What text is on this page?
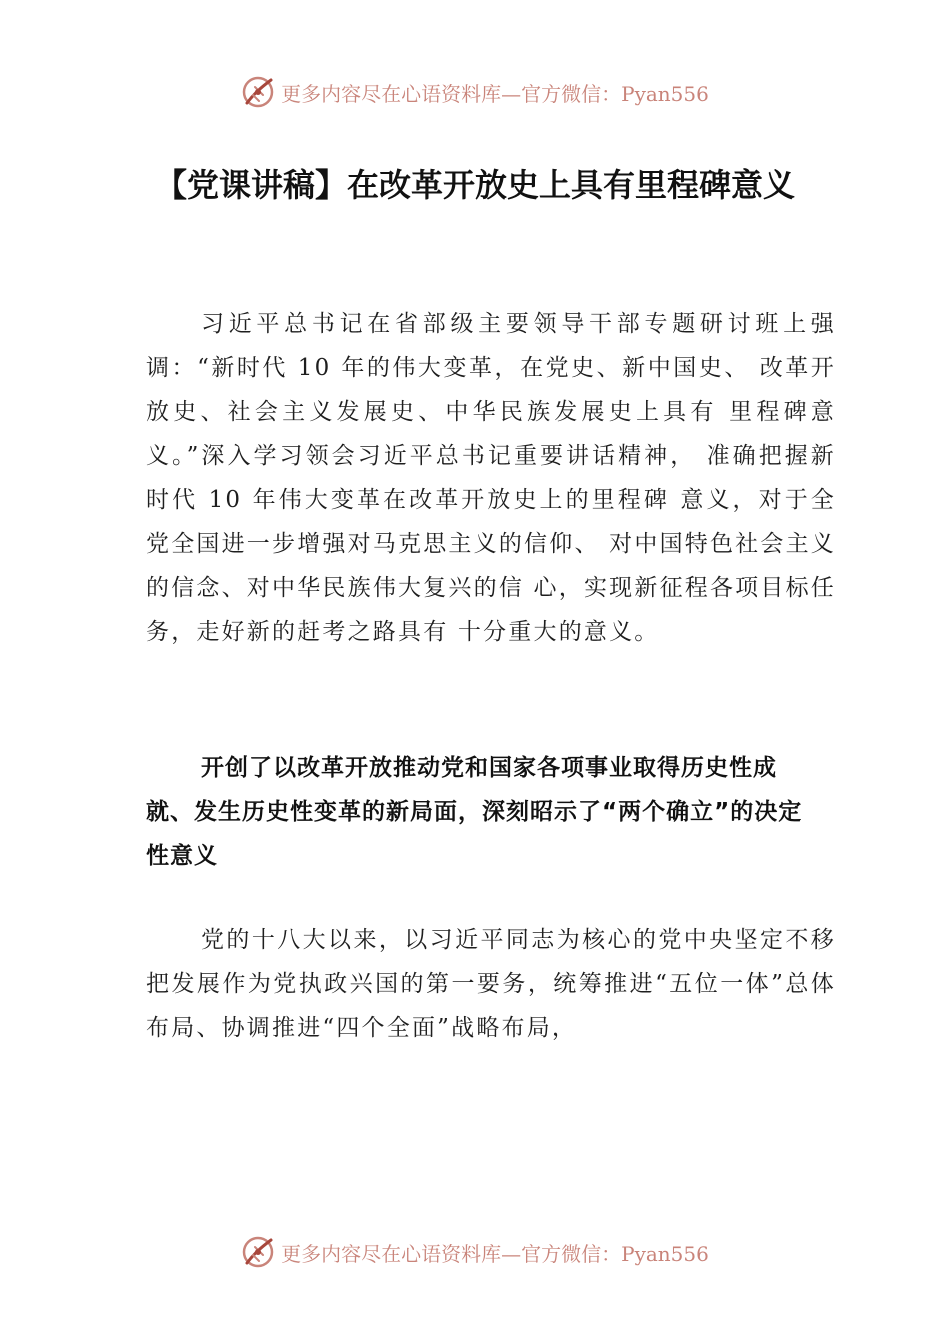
更多内容尽在心语资料库—官方微信：Pyan556
【党课讲稿】在改革开放史上具有里程碑意义

习近平总书记在省部级主要领导干部专题研讨班上强调：“新时代 10 年的伟大变革，在党史、新中国史、 改革开放史、社会主义发展史、中华民族发展史上具有 里程碑意义。”深入学习领会习近平总书记重要讲话精神， 准确把握新时代 10 年伟大变革在改革开放史上的里程碑 意义，对于全党全国进一步增强对马克思主义的信仰、 对中国特色社会主义的信念、对中华民族伟大复兴的信 心，实现新征程各项目标任务，走好新的赶考之路具有 十分重大的意义。

开创了以改革开放推动党和国家各项事业取得历史性成就、发生历史性变革的新局面，深刻昭示了“两个确立”的决定性意义

党的十八大以来，以习近平同志为核心的党中央坚定不移把发展作为党执政兴国的第一要务，统筹推进“五位一体”总体布局、协调推进“四个全面”战略布局，

更多内容尽在心语资料库—官方微信：Pyan556
